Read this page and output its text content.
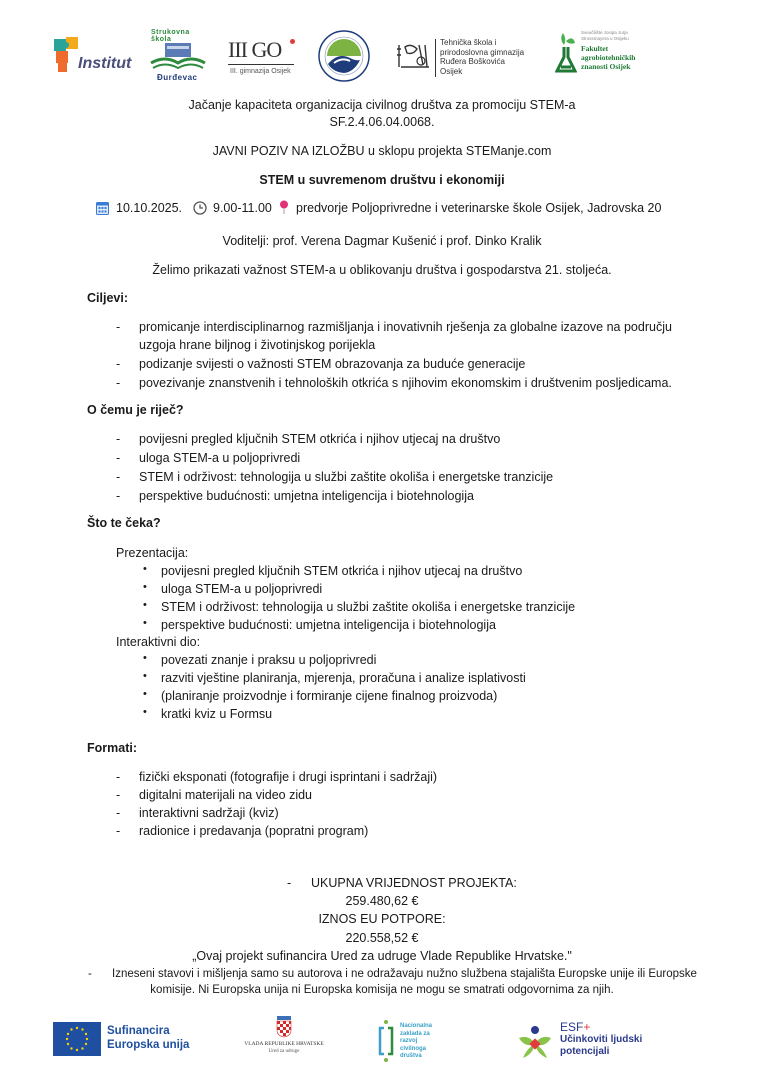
Institut
Strukovna škola
Đurđevac
III GO
III. gimnazija Osijek
Tehnička škola i
prirodoslovna gimnazija
Ruđera Boškovića
Osijek
Sveučilište Josipa Jurja
Strossmayera u Osijeku
Fakultet
agrobiotehničkih
znanosti Osijek
Jačanje kapaciteta organizacija civilnog društva za promociju STEM-a
SF.2.4.06.04.0068.
JAVNI POZIV NA IZLOŽBU u sklopu projekta STEManje.com
STEM u suvremenom društvu i ekonomiji
10.10.2025. 9.00-11.00 predvorje Poljoprivredne i veterinarske škole Osijek, Jadrovska 20
Voditelji: prof. Verena Dagmar Kušenić i prof. Dinko Kralik
Želimo prikazati važnost STEM-a u oblikovanju društva i gospodarstva 21. stoljeća.
Ciljevi:
- promicanje interdisciplinarnog razmišljanja i inovativnih rješenja za globalne izazove na području
uzgoja hrane biljnog i životinjskog porijekla
- podizanje svijesti o važnosti STEM obrazovanja za buduće generacije
- povezivanje znanstvenih i tehnoloških otkrića s njihovim ekonomskim i društvenim posljedicama.
O čemu je riječ?
- povijesni pregled ključnih STEM otkrića i njihov utjecaj na društvo
- uloga STEM-a u poljoprivredi
- STEM i održivost: tehnologija u službi zaštite okoliša i energetske tranzicije
- perspektive budućnosti: umjetna inteligencija i biotehnologija
Što te čeka?
Prezentacija:
• povijesni pregled ključnih STEM otkrića i njihov utjecaj na društvo
• uloga STEM-a u poljoprivredi
• STEM i održivost: tehnologija u službi zaštite okoliša i energetske tranzicije
• perspektive budućnosti: umjetna inteligencija i biotehnologija
Interaktivni dio:
• povezati znanje i praksu u poljoprivredi
• razviti vještine planiranja, mjerenja, proračuna i analize isplativosti
• (planiranje proizvodnje i formiranje cijene finalnog proizvoda)
• kratki kviz u Formsu
Formati:
- fizički eksponati (fotografije i drugi isprintani i sadržaji)
- digitalni materijali na video zidu
- interaktivni sadržaji (kviz)
- radionice i predavanja (popratni program)
- UKUPNA VRIJEDNOST PROJEKTA:
259.480,62 €
IZNOS EU POTPORE:
220.558,52 €
„Ovaj projekt sufinancira Ured za udruge Vlade Republike Hrvatske."
- Izneseni stavovi i mišljenja samo su autorova i ne odražavaju nužno službena stajališta Europske unije ili Europske
komisije. Ni Europska unija ni Europska komisija ne mogu se smatrati odgovornima za njih.
Sufinancira
Europska unija	VLADA REPUBLIKE HRVATSKE
Ured za udruge
Nacionalna
zaklada za
razvoj
civilnoga
društva
ESF+
Učinkoviti ljudski
potencijali
